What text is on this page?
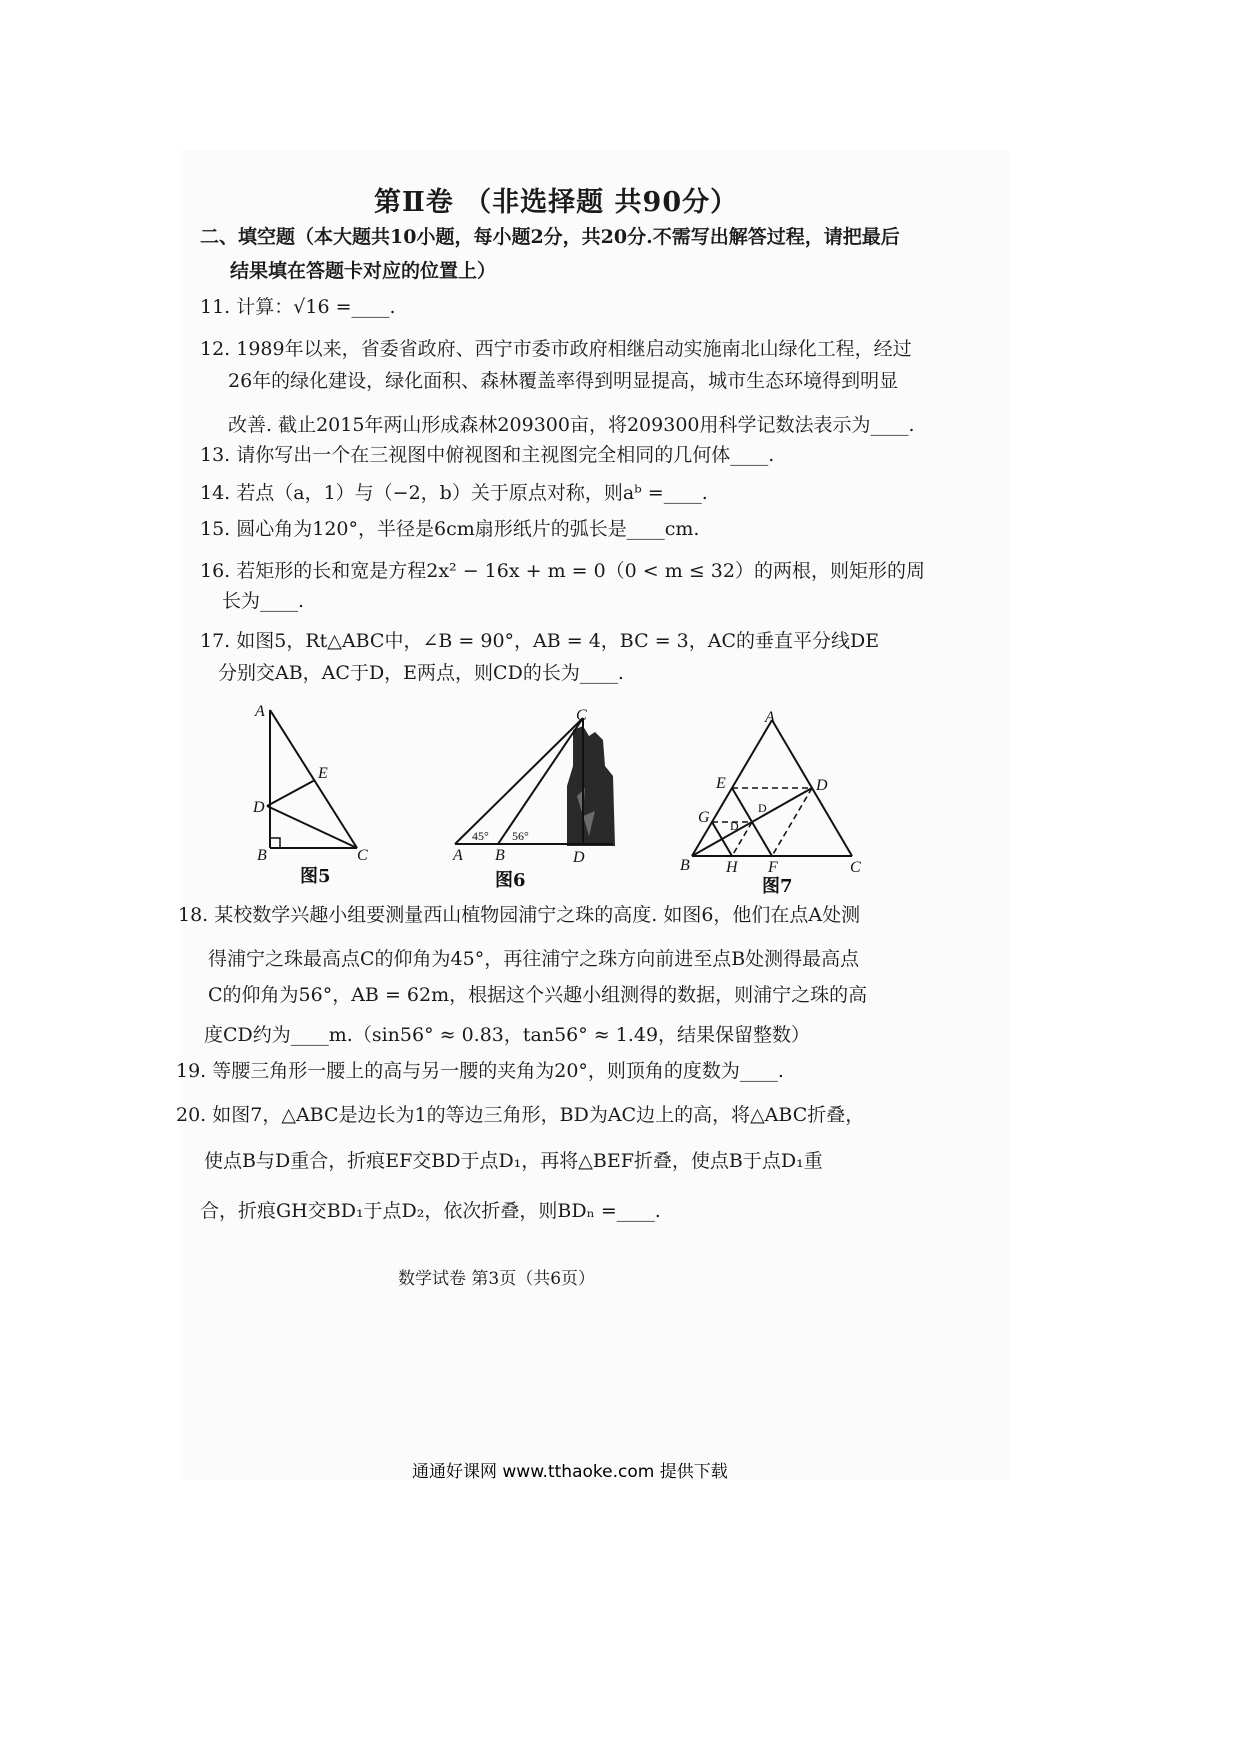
第Ⅱ卷 （非选择题 共90分）
二、填空题（本大题共10小题，每小题2分，共20分.不需写出解答过程，请把最后
结果填在答题卡对应的位置上）
11. 计算：√16 =____.
12. 1989年以来，省委省政府、西宁市委市政府相继启动实施南北山绿化工程，经过
26年的绿化建设，绿化面积、森林覆盖率得到明显提高，城市生态环境得到明显
改善. 截止2015年两山形成森林209300亩，将209300用科学记数法表示为____.
13. 请你写出一个在三视图中俯视图和主视图完全相同的几何体____.
14. 若点（a，1）与（−2，b）关于原点对称，则aᵇ =____.
15. 圆心角为120°，半径是6cm扇形纸片的弧长是____cm.
16. 若矩形的长和宽是方程2x² − 16x + m = 0（0 < m ≤ 32）的两根，则矩形的周
长为____.
17. 如图5，Rt△ABC中，∠B = 90°，AB = 4，BC = 3，AC的垂直平分线DE
分别交AB，AC于D，E两点，则CD的长为____.
A
D
E
B	C
图5
C
A B	D
45° 56°
图6
A
E	D
G
D
D
B H F	C
图7
18. 某校数学兴趣小组要测量西山植物园浦宁之珠的高度. 如图6，他们在点A处测
得浦宁之珠最高点C的仰角为45°，再往浦宁之珠方向前进至点B处测得最高点
C的仰角为56°，AB = 62m，根据这个兴趣小组测得的数据，则浦宁之珠的高
度CD约为____m.（sin56° ≈ 0.83，tan56° ≈ 1.49，结果保留整数）
19. 等腰三角形一腰上的高与另一腰的夹角为20°，则顶角的度数为____.
20. 如图7，△ABC是边长为1的等边三角形，BD为AC边上的高，将△ABC折叠，
使点B与D重合，折痕EF交BD于点D₁，再将△BEF折叠，使点B于点D₁重
合，折痕GH交BD₁于点D₂，依次折叠，则BDₙ =____.
数学试卷 第3页（共6页）
通通好课网 www.tthaoke.com 提供下载
